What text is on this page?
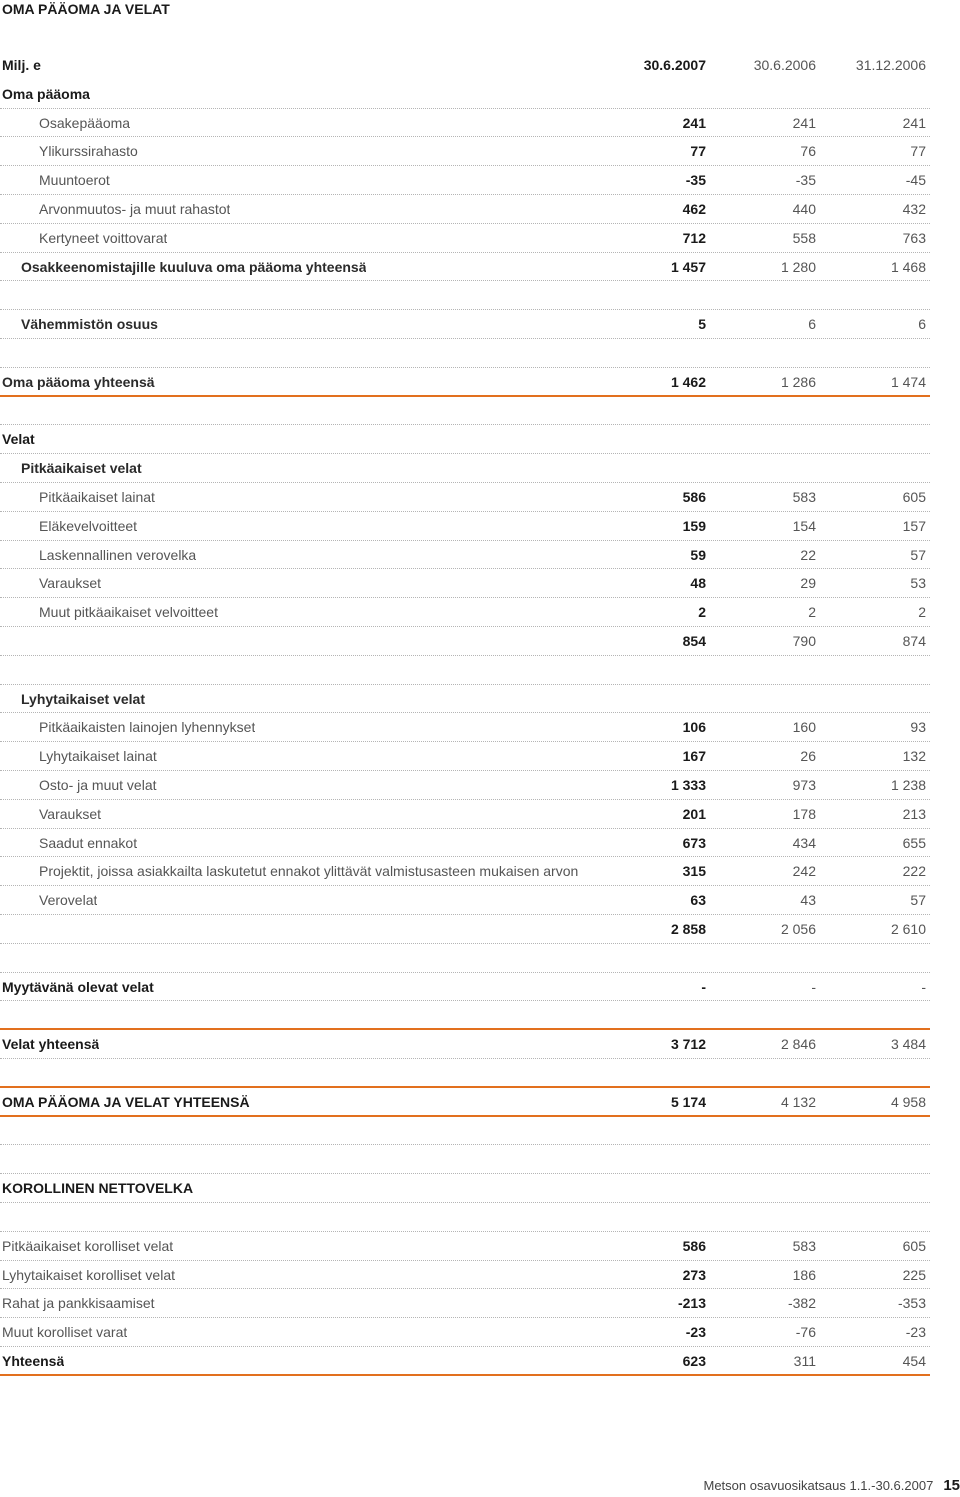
OMA PÄÄOMA JA VELAT
Milj. e	30.6.2007	30.6.2006	31.12.2006
Oma pääoma
Osakepääoma	241	241	241
Ylikurssirahasto	77	76	77
Muuntoerot	-35	-35	-45
Arvonmuutos- ja muut rahastot	462	440	432
Kertyneet voittovarat	712	558	763
Osakkeenomistajille kuuluva oma pääoma yhteensä	1 457	1 280	1 468
Vähemmistön osuus	5	6	6
Oma pääoma yhteensä	1 462	1 286	1 474
Velat
Pitkäaikaiset velat
Pitkäaikaiset lainat	586	583	605
Eläkevelvoitteet	159	154	157
Laskennallinen verovelka	59	22	57
Varaukset	48	29	53
Muut pitkäaikaiset velvoitteet	2	2	2
854	790	874
Lyhytaikaiset velat
Pitkäaikaisten lainojen lyhennykset	106	160	93
Lyhytaikaiset lainat	167	26	132
Osto- ja muut velat	1 333	973	1 238
Varaukset	201	178	213
Saadut ennakot	673	434	655
Projektit, joissa asiakkailta laskutetut ennakot ylittävät valmistusasteen mukaisen arvon	315	242	222
Verovelat	63	43	57
2 858	2 056	2 610
Myytävänä olevat velat	-	-	-
Velat yhteensä	3 712	2 846	3 484
OMA PÄÄOMA JA VELAT YHTEENSÄ	5 174	4 132	4 958
KOROLLINEN NETTOVELKA
Pitkäaikaiset korolliset velat	586	583	605
Lyhytaikaiset korolliset velat	273	186	225
Rahat ja pankkisaamiset	-213	-382	-353
Muut korolliset varat	-23	-76	-23
Yhteensä	623	311	454
Metson osavuosikatsaus 1.1.-30.6.2007 15
